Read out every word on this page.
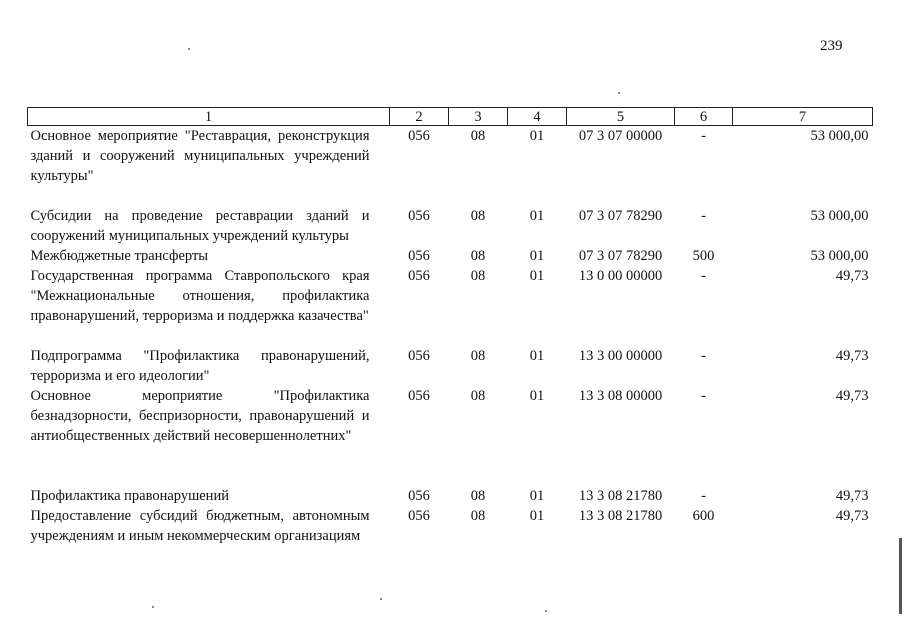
239
1	2	3	4	5	6	7
Основное мероприятие "Реставрация, реконструкция зданий и сооружений муниципальных учреждений культуры"	056	08	01	07 3 07 00000	-	53 000,00
Субсидии на проведение реставрации зданий и сооружений муниципальных учреждений культуры	056	08	01	07 3 07 78290	-	53 000,00
Межбюджетные трансферты	056	08	01	07 3 07 78290	500	53 000,00
Государственная программа Ставропольского края "Межнациональные отношения, профилактика правонарушений, терроризма и поддержка казачества"	056	08	01	13 0 00 00000	-	49,73
Подпрограмма "Профилактика правонарушений, терроризма и его идеологии"	056	08	01	13 3 00 00000	-	49,73
Основное мероприятие "Профилактика безнадзорности, беспризорности, правонарушений и антиобщественных действий несовершеннолетних"	056	08	01	13 3 08 00000	-	49,73
Профилактика правонарушений	056	08	01	13 3 08 21780	-	49,73
Предоставление субсидий бюджетным, автономным учреждениям и иным некоммерческим организациям	056	08	01	13 3 08 21780	600	49,73
